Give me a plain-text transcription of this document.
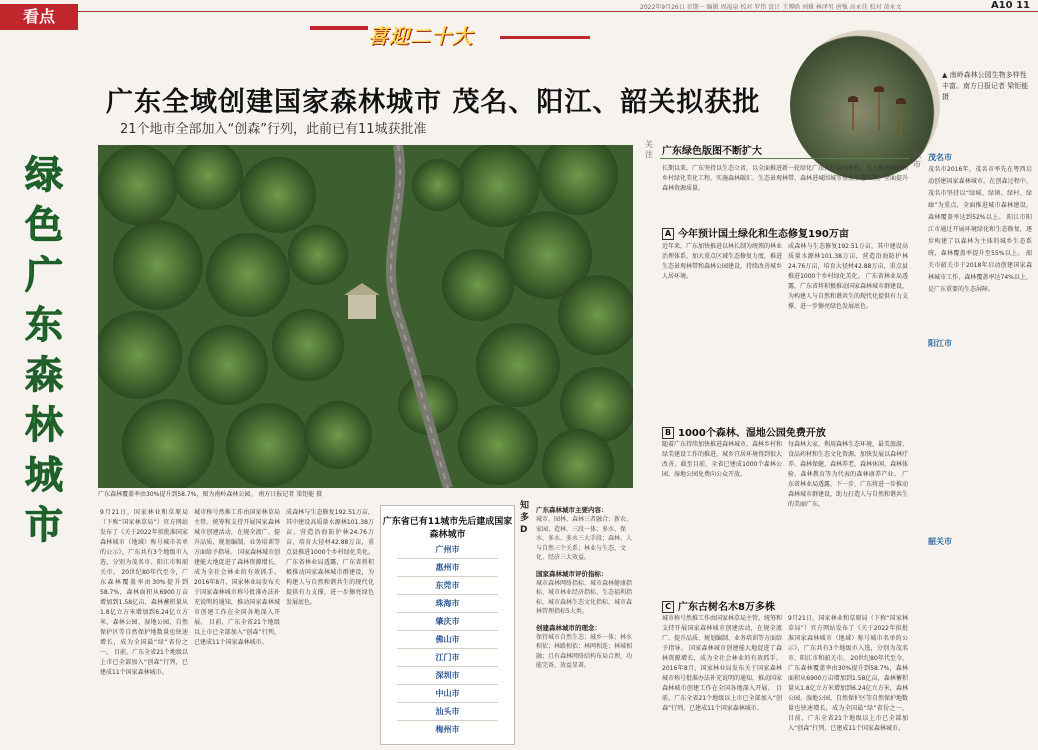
2022年9月26日 星期一 编辑 周福泉 校对 罗伟 设计 王博晗 刘雅 林泽男 唐强 高永佳 校对 黄永文	A10 11
看点
喜迎二十大
▲ 南岭森林公园生物多样性丰富。南方日报记者 梁钜能 摄
广东全域创建国家森林城市 茂名、阳江、韶关拟获批
21个地市全部加入“创森”行列，此前已有11城获批准
绿色广东森林城市
广东森林覆盖率由30%提升到58.7%，图为南岭森林公园。 南方日报记者 梁钜能 摄
9月21日，国家林业和草原局（下称“国家林草局”）官方网站发布了《关于2022年拟批准国家森林城市（地域）称号城市名单的公示》，广东共有3个地级市入选，分别为茂名市、阳江市和韶关市。 20世纪80年代至今，广东森林覆盖率由30%提升到58.7%，森林面积从6900万亩增加到1.58亿亩，森林蓄积量从1.8亿立方米增加到6.24亿立方米，森林公园、湿地公园、自然保护区等自然保护地数量也快速增长，成为全国最“绿”省份之一。 目前，广东全省21个地级以上市已全部加入“创森”行列，已建成11个国家森林城市。
城市称号然推工作由国家林草局主管。统筹和支持开展国家森林城市创建活动，在规全流广、提升品质、规划编制、业务培训等方面给予指导。 国家森林城市创建能大地促进了森林资源增长，成为全社会林业的有效抓手。2016年8月，国家林业局发布关于国家森林城市称号批准办法补充说明的通知，推动国家森林城市创建工作在全国各地深入开展。 目前，广东全省21个地级以上市已全部加入“创森”行列，已建成11个国家森林城市。
成森林与生态修复192.51万亩，其中建设高质量水源林101.38万亩，营造沿海防护林24.76万亩，培育大径材42.88万亩，重点县推进1000个乡村绿化美化。 广东省林业局透露，广东省将积极推动国家森林城市群建设，为构建人与自然和谐共生的现代化提供有力支撑，进一步擦亮绿色发展底色。
广东省已有11城市先后建成国家森林城市
广州市
惠州市
东莞市
珠海市
肇庆市
佛山市
江门市
深圳市
中山市
汕头市
梅州市
知多D
广东森林城市主要内容：
城市、园林、森林三者融合；新农、家园、造林、三段一体；多水、保水、多水、多水三大手段；森林、人与自然三个关系；林业与生态、文化、经济三大效益。
国家森林城市评价指标：
城市森林网络指标、城市森林健康指标、城市林业经济指标、生态福利指标、城市森林生态文化指标、城市森林管理指标5大类。
创建森林城市的理念：
保持城市自然生态；城乡一体；林水相依；林路相依；林网相连；林城相融；且有森林网络结构布局合理，功能完备，效益显著。
关注 广东绿色版图不断扩大
长期以来，广东坚持以生态立省，以全面推进新一轮绿化广东大行动为契机，大力推进城镇和乡村绿化美化工程，实施森林碳汇、生态景观林带、森林进城围城等重点生态工程，全面提升森林资源质量。
A 今年预计国土绿化和生态修复190万亩
近年来，广东加快推进以林长制为统领的林业治理体系，加大重点区域生态修复力度，推进生态景观林带和森林公园建设，持续改善城乡人居环境。
成森林与生态修复192.51万亩，其中建设高质量水源林101.38万亩，营造沿海防护林24.76万亩，培育大径材42.88万亩，重点县推进1000个乡村绿化美化。 广东省林业局透露，广东省将积极推动国家森林城市群建设，为构建人与自然和谐共生的现代化提供有力支撑，进一步擦亮绿色发展底色。
B 1000个森林、湿地公园免费开放
随着广东持续加快推进森林城市、森林乡村和绿美建设工作的推进，城乡宜居环境得到很大改善。截至目前，全省已建成1000个森林公园、湿地公园免费向公众开放。
每森林大家，利用森林生态环境，最美旅游、食品药材和生态文化资源。加快发展以森林疗养、森林保健、森林养老、森林休闲、森林体验、森林教育等为代表的森林康养产业。 广东省林业局透露，下一步，广东将进一步推动森林城市群建设，助力打造人与自然和谐共生的美丽广东。
C 广东古树名木8万多株
城市称号然推工作由国家林草局主管。统筹和支持开展国家森林城市创建活动，在规全流广、提升品质、规划编制、业务培训等方面给予指导。 国家森林城市创建能大地促进了森林资源增长，成为全社会林业的有效抓手。2016年8月，国家林业局发布关于国家森林城市称号批准办法补充说明的通知，推动国家森林城市创建工作在全国各地深入开展。 目前，广东全省21个地级以上市已全部加入“创森”行列，已建成11个国家森林城市。
9月21日，国家林业和草原局（下称“国家林草局”）官方网站发布了《关于2022年拟批准国家森林城市（地域）称号城市名单的公示》，广东共有3个地级市入选，分别为茂名市、阳江市和韶关市。 20世纪80年代至今，广东森林覆盖率由30%提升到58.7%，森林面积从6900万亩增加到1.58亿亩，森林蓄积量从1.8亿立方米增加到6.24亿立方米，森林公园、湿地公园、自然保护区等自然保护地数量也快速增长，成为全国最“绿”省份之一。 目前，广东全省21个地级以上市已全部加入“创森”行列，已建成11个国家森林城市。
城市
茂名市
阳江市
韶关市
茂名市2016年，茂名市率先在粤西启动创建国家森林城市。在创森过程中，茂名市坚持以“绿城、绿镇、绿村、绿廊”为重点，全面推进城市森林建设，森林覆盖率达到52%以上。 阳江市阳江市通过开展环境绿化和生态修复，逐步构建了以森林为主体的城乡生态系统，森林覆盖率提升至55%以上。 韶关市韶关市于2018年启动创建国家森林城市工作，森林覆盖率达74%以上，是广东重要的生态屏障。
